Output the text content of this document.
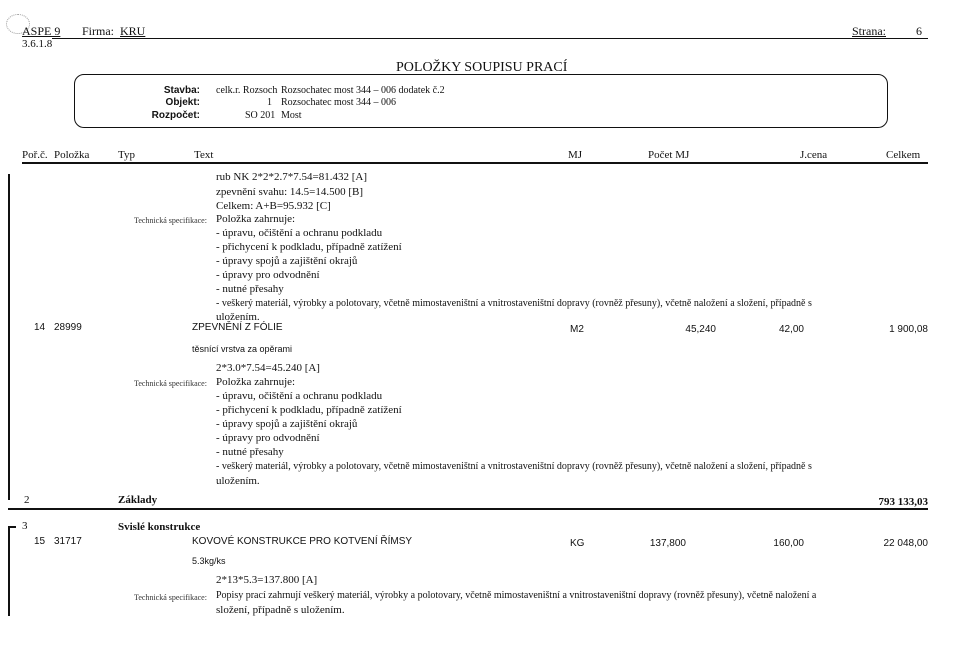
ASPE 9
3.6.1.8
Firma: KRU	Strana:	6
POLOŽKY SOUPISU PRACÍ
Stavba: celk.r. Rozsoch Rozsochatec most 344 – 006 dodatek č.2
Objekt:	1 Rozsochatec most 344 – 006
Rozpočet:	SO 201 Most
Poř.č. Položka	Typ	Text	MJ	Počet MJ	J.cena	Celkem
rub NK 2*2*2.7*7.54=81.432 [A]
zpevnění svahu: 14.5=14.500 [B]
Celkem: A+B=95.932 [C]
Technická specifikace: Položka zahrnuje:
- úpravu, očištění a ochranu podkladu
- přichycení k podkladu, případně zatížení
- úpravy spojů a zajištění okrajů
- úpravy pro odvodnění
- nutné přesahy
- veškerý materiál, výrobky a polotovary, včetně mimostaveništní a vnitrostaveništní dopravy (rovněž přesuny), včetně naložení a složení, případně s
uložením.
14 28999	ZPEVNĚNÍ Z FÓLIE	M2	45,240	42,00	1 900,08
těsnící vrstva za opěrami
2*3.0*7.54=45.240 [A]
Technická specifikace: Položka zahrnuje:
- úpravu, očištění a ochranu podkladu
- přichycení k podkladu, případně zatížení
- úpravy spojů a zajištění okrajů
- úpravy pro odvodnění
- nutné přesahy
- veškerý materiál, výrobky a polotovary, včetně mimostaveništní a vnitrostaveništní dopravy (rovněž přesuny), včetně naložení a složení, případně s
uložením.
2	Základy	793 133,03
3	Svislé konstrukce
15 31717	KOVOVÉ KONSTRUKCE PRO KOTVENÍ ŘÍMSY	KG	137,800	160,00	22 048,00
5.3kg/ks
2*13*5.3=137.800 [A]
Technická specifikace: Popisy prací zahrnují veškerý materiál, výrobky a polotovary, včetně mimostaveništní a vnitrostaveništní dopravy (rovněž přesuny), včetně naložení a
složení, případně s uložením.
